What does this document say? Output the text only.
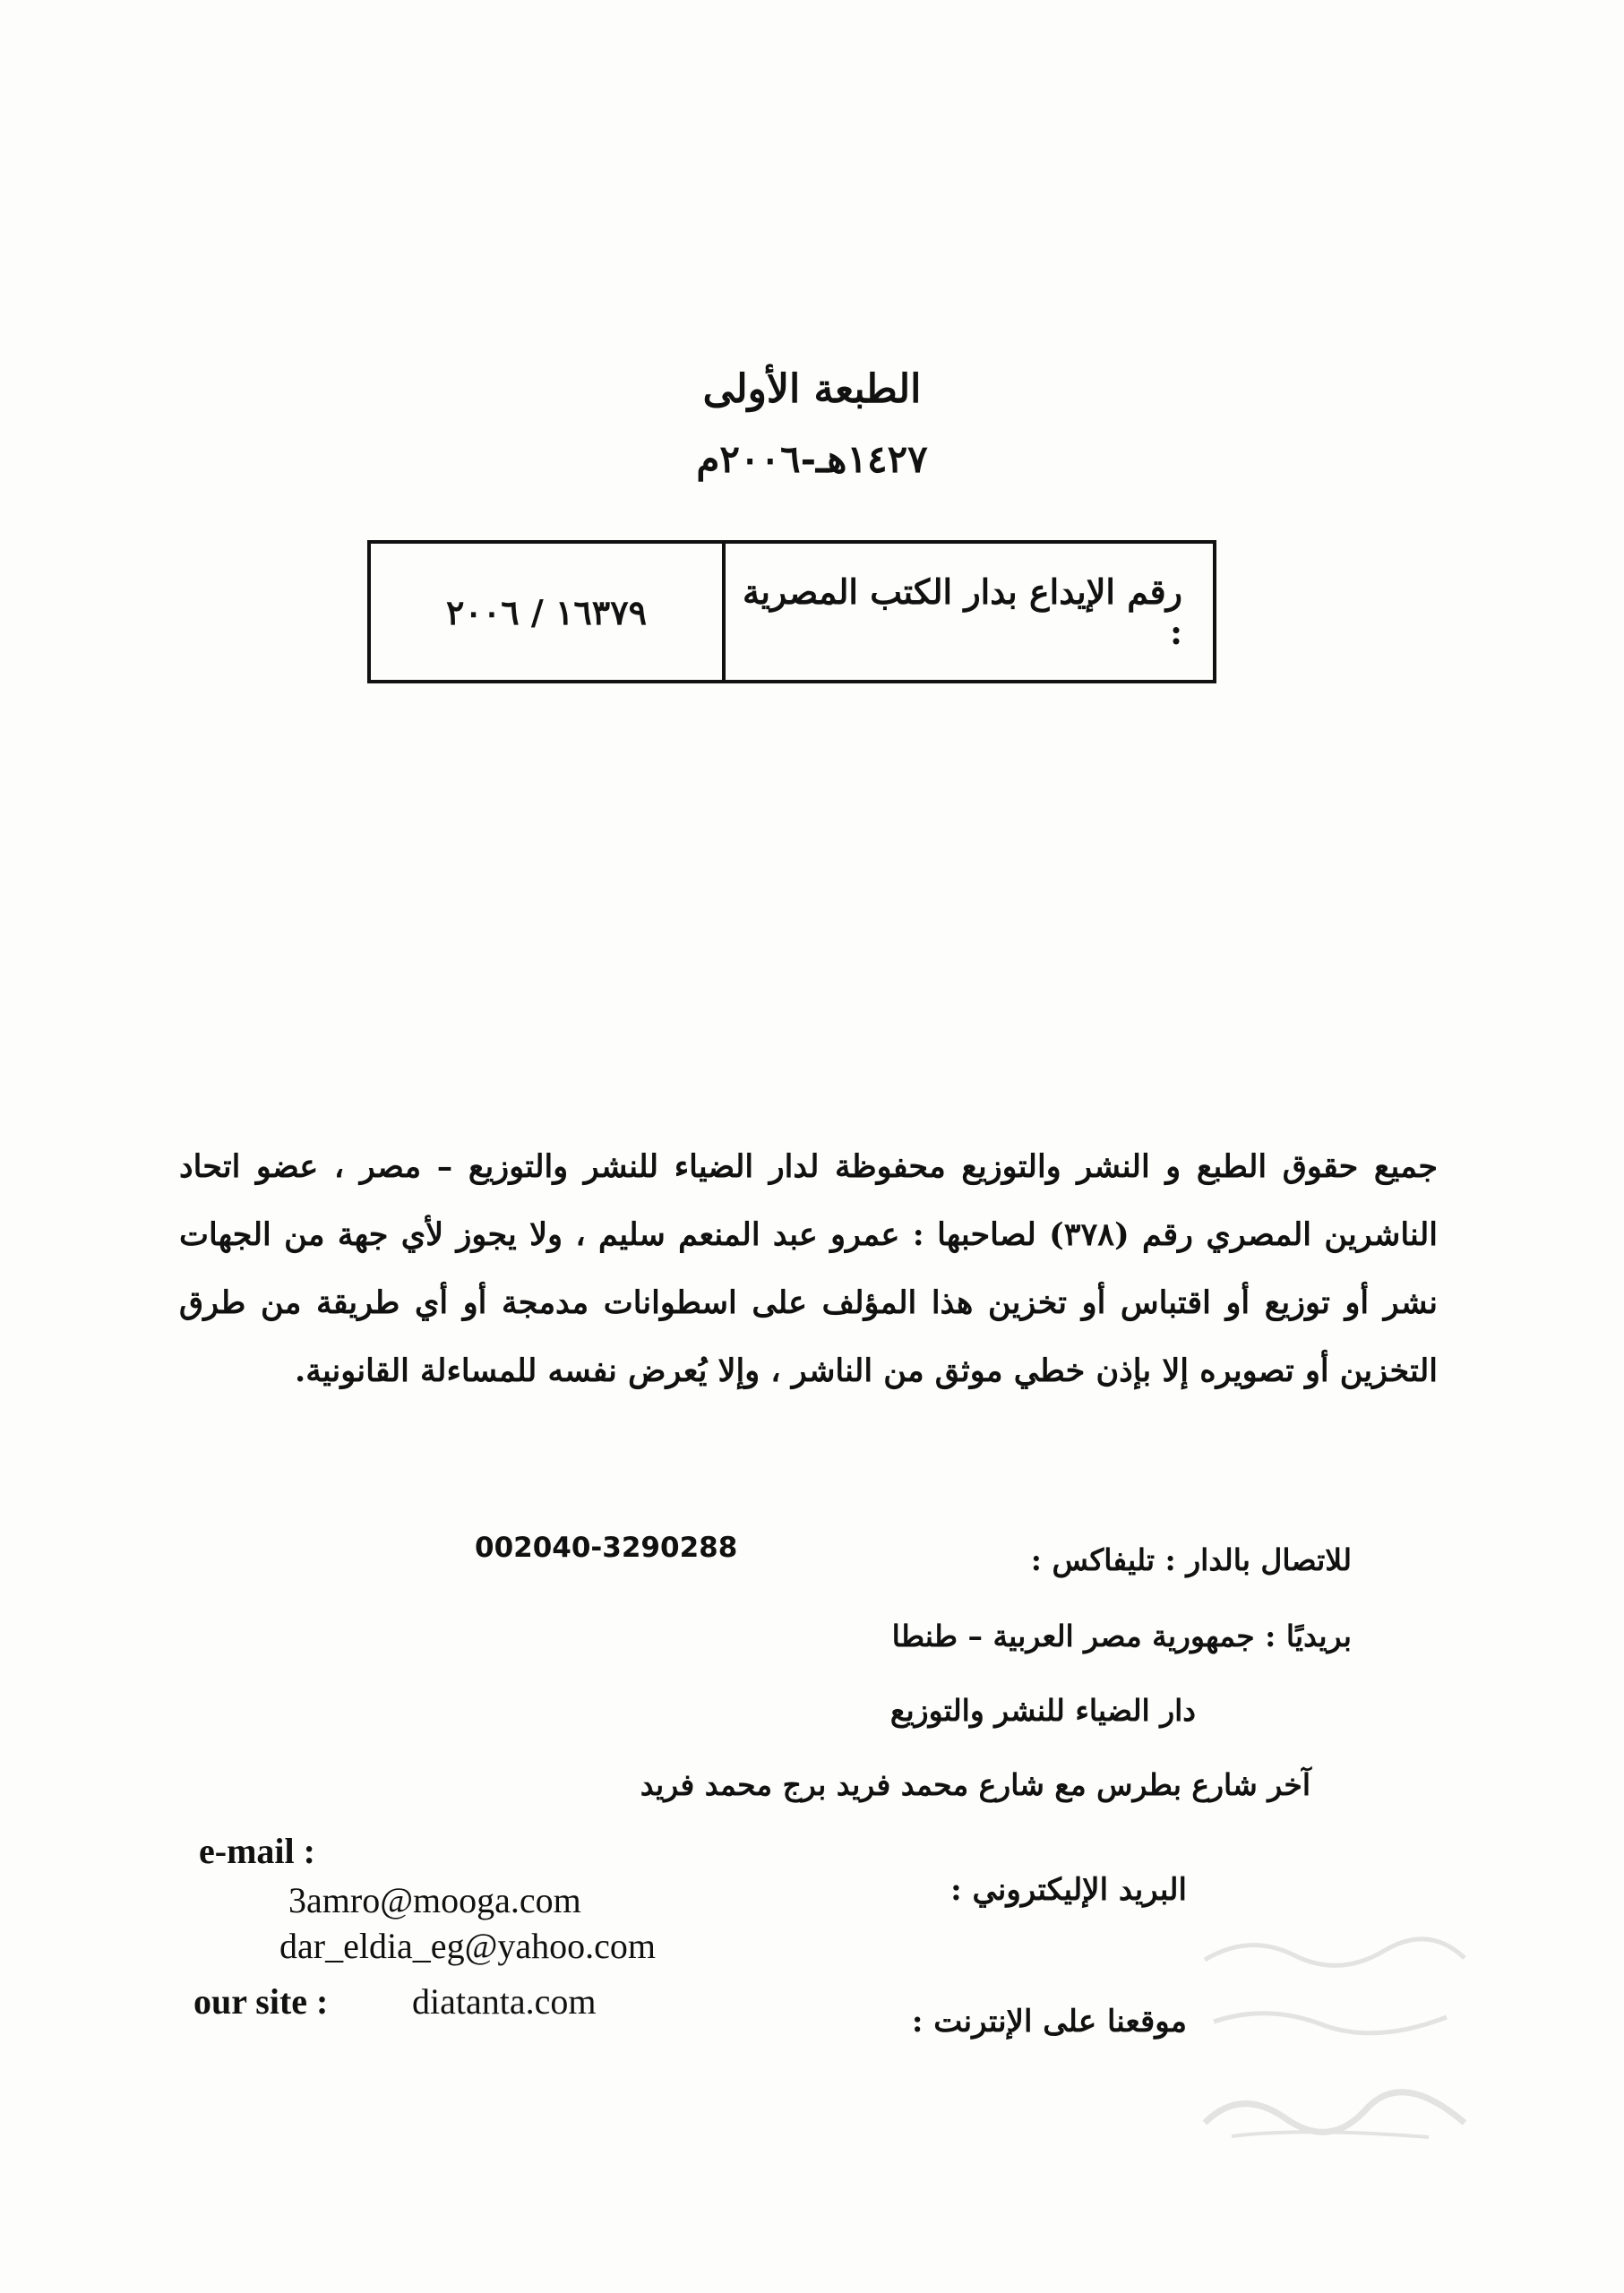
الطبعة الأولى
١٤٢٧هـ-٢٠٠٦م
١٦٣٧٩ / ٢٠٠٦	رقم الإيداع بدار الكتب المصرية :
جميع حقوق الطبع و النشر والتوزيع محفوظة لدار الضياء للنشر والتوزيع – مصر ، عضو اتحاد الناشرين المصري رقم (٣٧٨) لصاحبها : عمرو عبد المنعم سليم ، ولا يجوز لأي جهة من الجهات نشر أو توزيع أو اقتباس أو تخزين هذا المؤلف على اسطوانات مدمجة أو أي طريقة من طرق التخزين أو تصويره إلا بإذن خطي موثق من الناشر ، وإلا يُعرض نفسه للمساءلة القانونية.
للاتصال بالدار : تليفاكس :
002040-3290288
بريديًا : جمهورية مصر العربية – طنطا
دار الضياء للنشر والتوزيع
آخر شارع بطرس مع شارع محمد فريد برج محمد فريد
البريد الإليكتروني :
e-mail :
3amro@mooga.com
dar_eldia_eg@yahoo.com
موقعنا على الإنترنت :
our site : diatanta.com
